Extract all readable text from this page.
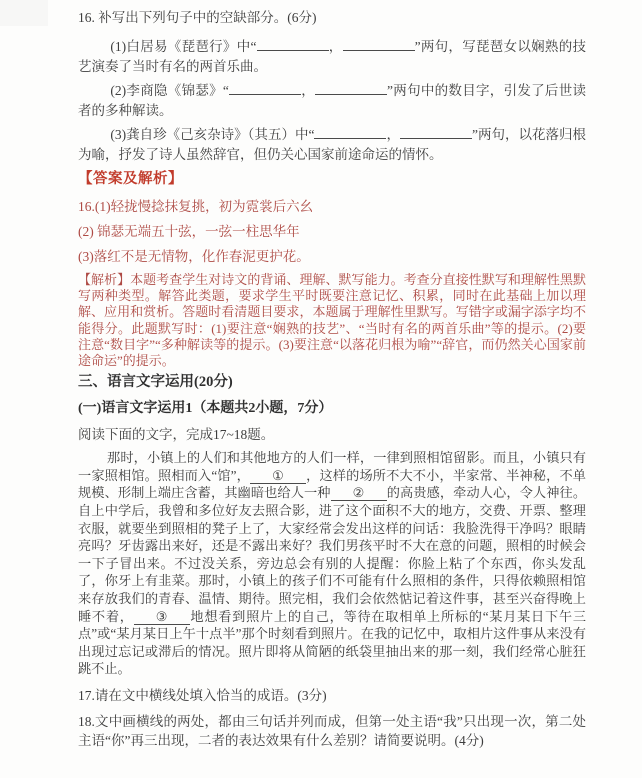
16. 补写出下列句子中的空缺部分。(6分)

(1)白居易《琵琶行》中“	，	”两句，写琵琶女以娴熟的技艺演奏了当时有名的两首乐曲。

(2)李商隐《锦瑟》“	，	”两句中的数目字，引发了后世读者的多种解读。

(3)龚自珍《己亥杂诗》（其五）中“	，	”两句，以花落归根为喻，抒发了诗人虽然辞官，但仍关心国家前途命运的情怀。

【答案及解析】

16.(1)轻拢慢捻抹复挑，初为霓裳后六幺

(2) 锦瑟无端五十弦，一弦一柱思华年

(3)落红不是无情物，化作春泥更护花。

【解析】本题考查学生对诗文的背诵、理解、默写能力。考查分直接性默写和理解性黑默写两种类型。解答此类题，要求学生平时既要注意记忆、积累，同时在此基础上加以理解、应用和赏析。答题时看清题目要求，本题属于理解性里默写。写错字或漏字添字均不能得分。此题默写时：(1)要注意“娴熟的技艺”、“当时有名的两首乐曲”等的提示。(2)要注意“数目字”“多种解读等的提示。(3)要注意“以落花归根为喻”“辞官，而仍然关心国家前途命运”的提示。

三、语言文字运用(20分)

(一)语言文字运用1（本题共2小题，7分）

阅读下面的文字，完成17~18题。

那时，小镇上的人们和其他地方的人们一样，一律到照相馆留影。而且，小镇只有一家照相馆。照相而入“馆”， ① ，这样的场所不大不小，半家常、半神秘，不单规模、形制上端庄含蓄，其幽暗也给人一种 ② 的高贵感，牵动人心，令人神往。自上中学后，我曾和多位好友去照合影，进了这个面积不大的地方，交费、开票、整理衣服，就要坐到照相的凳子上了，大家经常会发出这样的问话：我脸洗得干净吗？眼睛亮吗？牙齿露出来好，还是不露出来好？我们男孩平时不大在意的问题，照相的时候会一下子冒出来。不过没关系，旁边总会有别的人提醒：你脸上粘了个东西，你头发乱了，你牙上有韭菜。那时，小镇上的孩子们不可能有什么照相的条件，只得依赖照相馆来存放我们的青春、温情、期待。照完相，我们会依然惦记着这件事，甚至兴奋得晚上睡不着， ③ 地想看到照片上的自己，等待在取相单上所标的“某月某日下午三点”或“某月某日上午十点半”那个时刻看到照片。在我的记忆中，取相片这件事从来没有出现过忘记或滞后的情况。照片即将从简陋的纸袋里抽出来的那一刻，我们经常心脏狂跳不止。

17.请在文中横线处填入恰当的成语。(3分)

18.文中画横线的两处，都由三句话并列而成，但第一处主语“我”只出现一次，第二处主语“你”再三出现，二者的表达效果有什么差别？请简要说明。(4分)
